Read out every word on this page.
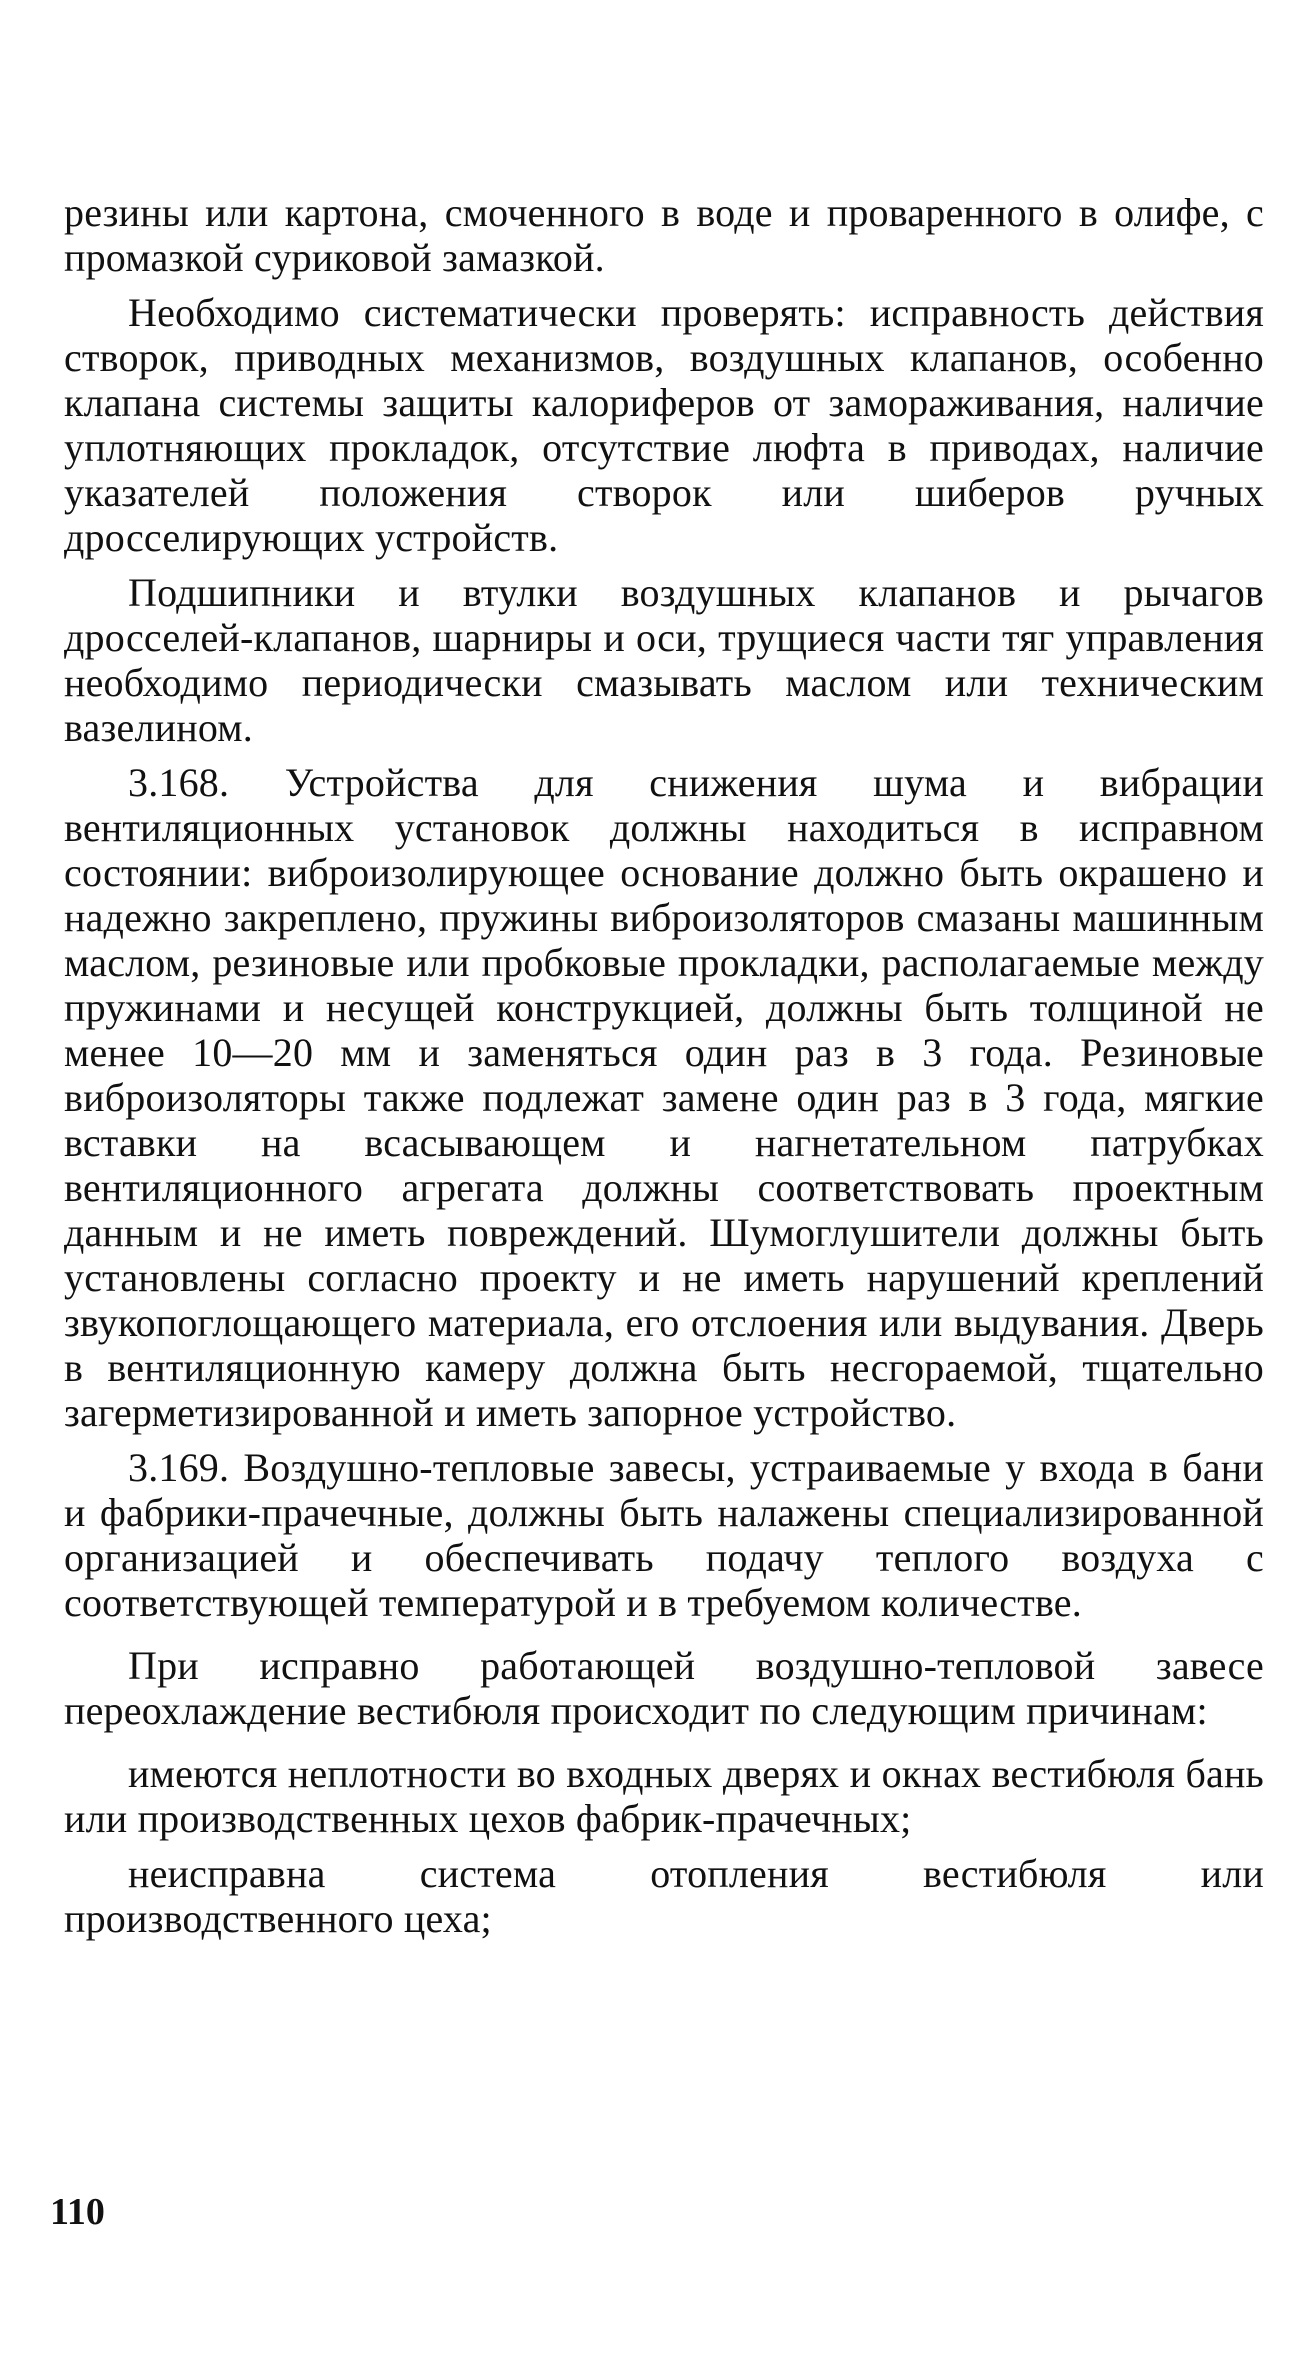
резины или картона, смоченного в воде и проваренного в олифе, с промазкой суриковой замазкой.

Необходимо систематически проверять: исправность действия створок, приводных механизмов, воздушных клапанов, особенно клапана системы защиты калориферов от замораживания, наличие уплотняющих прокладок, отсутствие люфта в приводах, наличие указателей положения створок или шиберов ручных дросселирующих устройств.

Подшипники и втулки воздушных клапанов и рычагов дросселей-клапанов, шарниры и оси, трущиеся части тяг управления необходимо периодически смазывать маслом или техническим вазелином.

3.168. Устройства для снижения шума и вибрации вентиляционных установок должны находиться в исправном состоянии: виброизолирующее основание должно быть окрашено и надежно закреплено, пружины виброизоляторов смазаны машинным маслом, резиновые или пробковые прокладки, располагаемые между пружинами и несущей конструкцией, должны быть толщиной не менее 10—20 мм и заменяться один раз в 3 года. Резиновые виброизоляторы также подлежат замене один раз в 3 года, мягкие вставки на всасывающем и нагнетательном патрубках вентиляционного агрегата должны соответствовать проектным данным и не иметь повреждений. Шумоглушители должны быть установлены согласно проекту и не иметь нарушений креплений звукопоглощающего материала, его отслоения или выдувания. Дверь в вентиляционную камеру должна быть несгораемой, тщательно загерметизированной и иметь запорное устройство.

3.169. Воздушно-тепловые завесы, устраиваемые у входа в бани и фабрики-прачечные, должны быть налажены специализированной организацией и обеспечивать подачу теплого воздуха с соответствующей температурой и в требуемом количестве.

При исправно работающей воздушно-тепловой завесе переохлаждение вестибюля происходит по следующим причинам:

имеются неплотности во входных дверях и окнах вестибюля бань или производственных цехов фабрик-прачечных;

неисправна система отопления вестибюля или производственного цеха;

110
